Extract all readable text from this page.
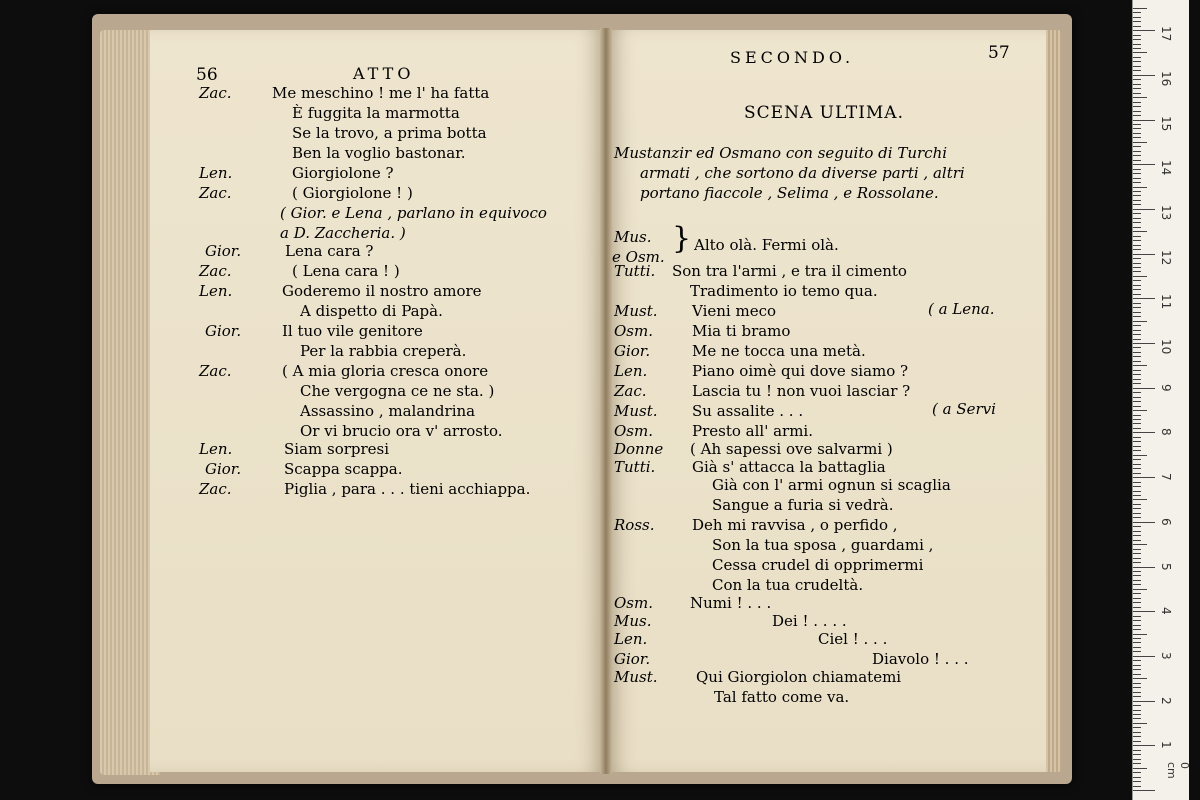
56	ATTO
Zac.	Me meschino ! me l' ha fatta
È fuggita la marmotta
Se la trovo, a prima botta
Ben la voglio bastonar.
Len.	Giorgiolone ?
Zac.	( Giorgiolone ! )
( Gior. e Lena , parlano in equivoco
a D. Zaccheria. )
Gior.	Lena cara ?
Zac.	( Lena cara ! )
Len.	Goderemo il nostro amore
A dispetto di Papà.
Gior.	Il tuo vile genitore
Per la rabbia creperà.
Zac.	( A mia gloria cresca onore
Che vergogna ce ne sta. )
Assassino , malandrina
Or vi brucio ora v' arrosto.
Len.	Siam sorpresi
Gior.	Scappa scappa.
Zac.	Piglia , para . . . tieni acchiappa.
SECONDO.	57
SCENA ULTIMA.
Mustanzir ed Osmano con seguito di Turchi
armati , che sortono da diverse parti , altri
portano fiaccole , Selima , e Rossolane.
Mus.
e Osm.
} Alto olà. Fermi olà.
Tutti. Son tra l'armi , e tra il cimento
Tradimento io temo qua.
Must. Vieni meco	( a Lena.
Osm.	Mia ti bramo
Gior.	Me ne tocca una metà.
Len.	Piano oimè qui dove siamo ?
Zac.	Lascia tu ! non vuoi lasciar ?
Must. Su assalite . . .	( a Servi
Osm.	Presto all' armi.
Donne ( Ah sapessi ove salvarmi )
Tutti. Già s' attacca la battaglia
Già con l' armi ognun si scaglia
Sangue a furia si vedrà.
Ross.	Deh mi ravvisa , o perfido ,
Son la tua sposa , guardami ,
Cessa crudel di opprimermi
Con la tua crudeltà.
Osm. Numi ! . . .
Mus.	Dei ! . . . .
Len.	Ciel ! . . .
Gior.	Diavolo ! . . .
Must.	Qui Giorgiolon chiamatemi
Tal fatto come va.
0 cm
1
2
3
4
5
6
7
8
9
10
11
12
13
14
15
16
17
